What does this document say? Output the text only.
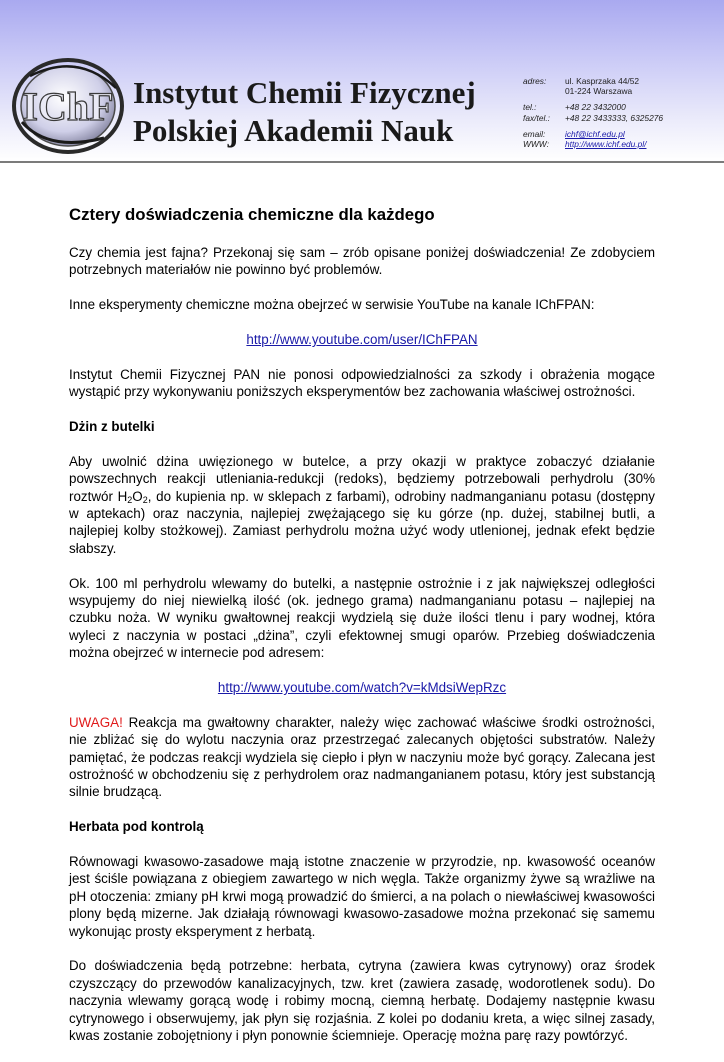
IChF Instytut Chemii Fizycznej
Polskiej Akademii Nauk
adres:	ul. Kasprzaka 44/52
01-224 Warszawa
tel.:	+48 22 3432000
fax/tel.:	+48 22 3433333, 6325276
email:	ichf@ichf.edu.pl
WWW:	http://www.ichf.edu.pl/
Cztery doświadczenia chemiczne dla każdego

Czy chemia jest fajna? Przekonaj się sam – zrób opisane poniżej doświadczenia! Ze zdobyciem potrzebnych materiałów nie powinno być problemów.

Inne eksperymenty chemiczne można obejrzeć w serwisie YouTube na kanale IChFPAN:

http://www.youtube.com/user/IChFPAN

Instytut Chemii Fizycznej PAN nie ponosi odpowiedzialności za szkody i obrażenia mogące wystąpić przy wykonywaniu poniższych eksperymentów bez zachowania właściwej ostrożności.

Dżin z butelki

Aby uwolnić dżina uwięzionego w butelce, a przy okazji w praktyce zobaczyć działanie powszechnych reakcji utleniania-redukcji (redoks), będziemy potrzebowali perhydrolu (30% roztwór $H_2O_2$, do kupienia np. w sklepach z farbami), odrobiny nadmanganianu potasu (dostępny w aptekach) oraz naczynia, najlepiej zwężającego się ku górze (np. dużej, stabilnej butli, a najlepiej kolby stożkowej). Zamiast perhydrolu można użyć wody utlenionej, jednak efekt będzie słabszy.

Ok. 100 ml perhydrolu wlewamy do butelki, a następnie ostrożnie i z jak największej odległości wsypujemy do niej niewielką ilość (ok. jednego grama) nadmanganianu potasu – najlepiej na czubku noża. W wyniku gwałtownej reakcji wydzielą się duże ilości tlenu i pary wodnej, która wyleci z naczynia w postaci „dżina”, czyli efektownej smugi oparów. Przebieg doświadczenia można obejrzeć w internecie pod adresem:

http://www.youtube.com/watch?v=kMdsiWepRzc

UWAGA! Reakcja ma gwałtowny charakter, należy więc zachować właściwe środki ostrożności, nie zbliżać się do wylotu naczynia oraz przestrzegać zalecanych objętości substratów. Należy pamiętać, że podczas reakcji wydziela się ciepło i płyn w naczyniu może być gorący. Zalecana jest ostrożność w obchodzeniu się z perhydrolem oraz nadmanganianem potasu, który jest substancją silnie brudzącą.

Herbata pod kontrolą

Równowagi kwasowo-zasadowe mają istotne znaczenie w przyrodzie, np. kwasowość oceanów jest ściśle powiązana z obiegiem zawartego w nich węgla. Także organizmy żywe są wrażliwe na pH otoczenia: zmiany pH krwi mogą prowadzić do śmierci, a na polach o niewłaściwej kwasowości plony będą mizerne. Jak działają równowagi kwasowo-zasadowe można przekonać się samemu wykonując prosty eksperyment z herbatą.

Do doświadczenia będą potrzebne: herbata, cytryna (zawiera kwas cytrynowy) oraz środek czyszczący do przewodów kanalizacyjnych, tzw. kret (zawiera zasadę, wodorotlenek sodu). Do naczynia wlewamy gorącą wodę i robimy mocną, ciemną herbatę. Dodajemy następnie kwasu cytrynowego i obserwujemy, jak płyn się rozjaśnia. Z kolei po dodaniu kreta, a więc silnej zasady, kwas zostanie zobojętniony i płyn ponownie ściemnieje. Operację można parę razy powtórzyć.
